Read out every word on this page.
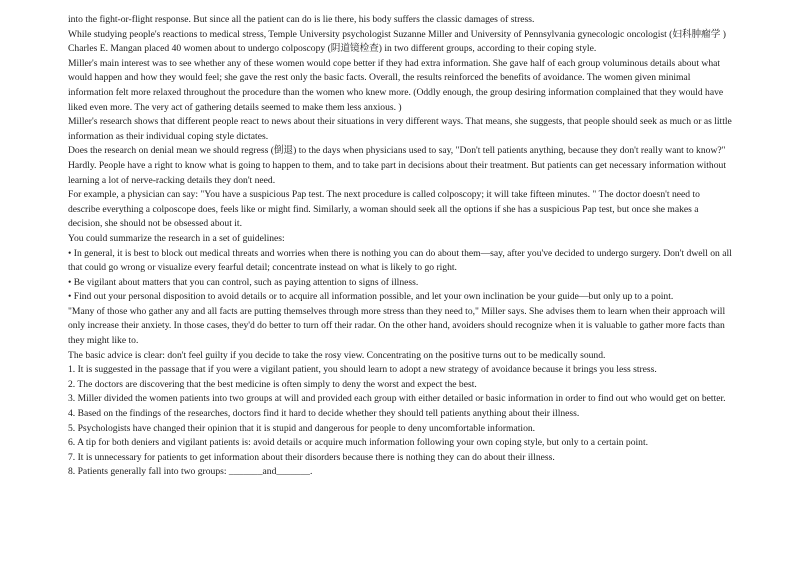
into the fight-or-flight response. But since all the patient can do is lie there, his body suffers the classic damages of stress.

While studying people's reactions to medical stress, Temple University psychologist Suzanne Miller and University of Pennsylvania gynecologic oncologist (妇科肿瘤学 ) Charles E. Mangan placed 40 women about to undergo colposcopy (阴道镜检查) in two different groups, according to their coping style.

Miller's main interest was to see whether any of these women would cope better if they had extra information. She gave half of each group voluminous details about what would happen and how they would feel; she gave the rest only the basic facts. Overall, the results reinforced the benefits of avoidance. The women given minimal information felt more relaxed throughout the procedure than the women who knew more. (Oddly enough, the group desiring information complained that they would have liked even more. The very act of gathering details seemed to make them less anxious. )

Miller's research shows that different people react to news about their situations in very different ways. That means, she suggests, that people should seek as much or as little information as their individual coping style dictates.

Does the research on denial mean we should regress (倒退) to the days when physicians used to say, "Don't tell patients anything, because they don't really want to know?" Hardly. People have a right to know what is going to happen to them, and to take part in decisions about their treatment. But patients can get necessary information without learning a lot of nerve-racking details they don't need.

For example, a physician can say: "You have a suspicious Pap test. The next procedure is called colposcopy; it will take fifteen minutes. " The doctor doesn't need to describe everything a colposcope does, feels like or might find. Similarly, a woman should seek all the options if she has a suspicious Pap test, but once she makes a decision, she should not be obsessed about it.

You could summarize the research in a set of guidelines:

• In general, it is best to block out medical threats and worries when there is nothing you can do about them—say, after you've decided to undergo surgery. Don't dwell on all that could go wrong or visualize every fearful detail; concentrate instead on what is likely to go right.

• Be vigilant about matters that you can control, such as paying attention to signs of illness.

• Find out your personal disposition to avoid details or to acquire all information possible, and let your own inclination be your guide—but only up to a point.

"Many of those who gather any and all facts are putting themselves through more stress than they need to," Miller says. She advises them to learn when their approach will only increase their anxiety. In those cases, they'd do better to turn off their radar. On the other hand, avoiders should recognize when it is valuable to gather more facts than they might like to.

The basic advice is clear: don't feel guilty if you decide to take the rosy view. Concentrating on the positive turns out to be medically sound.

1. It is suggested in the passage that if you were a vigilant patient, you should learn to adopt a new strategy of avoidance because it brings you less stress.

2. The doctors are discovering that the best medicine is often simply to deny the worst and expect the best.

3. Miller divided the women patients into two groups at will and provided each group with either detailed or basic information in order to find out who would get on better.

4. Based on the findings of the researches, doctors find it hard to decide whether they should tell patients anything about their illness.

5. Psychologists have changed their opinion that it is stupid and dangerous for people to deny uncomfortable information.

6. A tip for both deniers and vigilant patients is: avoid details or acquire much information following your own coping style, but only to a certain point.

7. It is unnecessary for patients to get information about their disorders because there is nothing they can do about their illness.

8. Patients generally fall into two groups: _______and_______.
